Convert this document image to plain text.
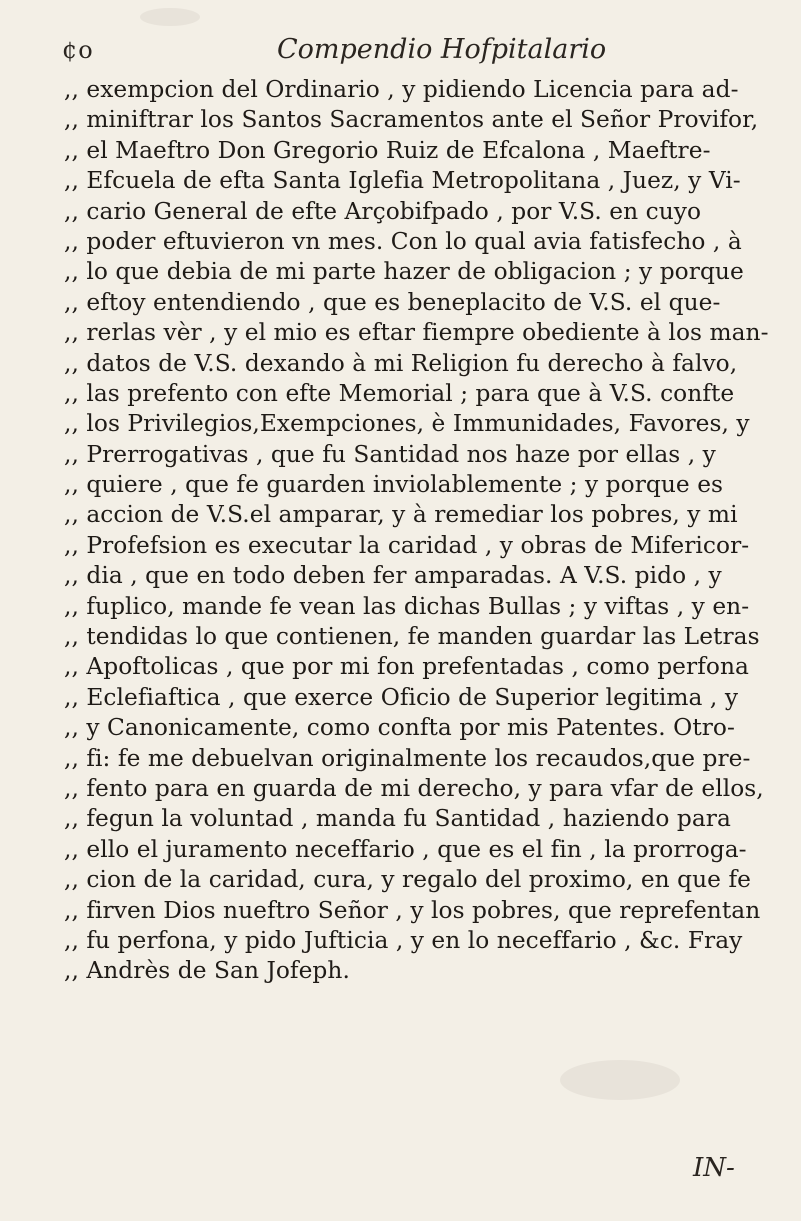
¢o	Compendio Hofpitalario
,, exempcion del Ordinario , y pidiendo Licencia para ad-
,, miniftrar los Santos Sacramentos ante el Señor Provifor,
,, el Maeftro Don Gregorio Ruiz de Efcalona , Maeftre-
,, Efcuela de efta Santa Iglefia Metropolitana , Juez, y Vi-
,, cario General de efte Arçobifpado , por V.S. en cuyo
,, poder eftuvieron vn mes. Con lo qual avia fatisfecho , à
,, lo que debia de mi parte hazer de obligacion ; y porque
,, eftoy entendiendo , que es beneplacito de V.S. el que-
,, rerlas vèr , y el mio es eftar fiempre obediente à los man-
,, datos de V.S. dexando à mi Religion fu derecho à falvo,
,, las prefento con efte Memorial ; para que à V.S. confte
,, los Privilegios,Exempciones, è Immunidades, Favores, y
,, Prerrogativas , que fu Santidad nos haze por ellas , y
,, quiere , que fe guarden inviolablemente ; y porque es
,, accion de V.S.el amparar, y à remediar los pobres, y mi
,, Profefsion es executar la caridad , y obras de Mifericor-
,, dia , que en todo deben fer amparadas. A V.S. pido , y
,, fuplico, mande fe vean las dichas Bullas ; y viftas , y en-
,, tendidas lo que contienen, fe manden guardar las Letras
,, Apoftolicas , que por mi fon prefentadas , como perfona
,, Eclefiaftica , que exerce Oficio de Superior legitima , y
,, y Canonicamente, como confta por mis Patentes. Otro-
,, fi: fe me debuelvan originalmente los recaudos,que pre-
,, fento para en guarda de mi derecho, y para vfar de ellos,
,, fegun la voluntad , manda fu Santidad , haziendo para
,, ello el juramento neceffario , que es el fin , la prorroga-
,, cion de la caridad, cura, y regalo del proximo, en que fe
,, firven Dios nueftro Señor , y los pobres, que reprefentan
,, fu perfona, y pido Jufticia , y en lo neceffario , &c. Fray
,, Andrès de San Jofeph.
IN-
